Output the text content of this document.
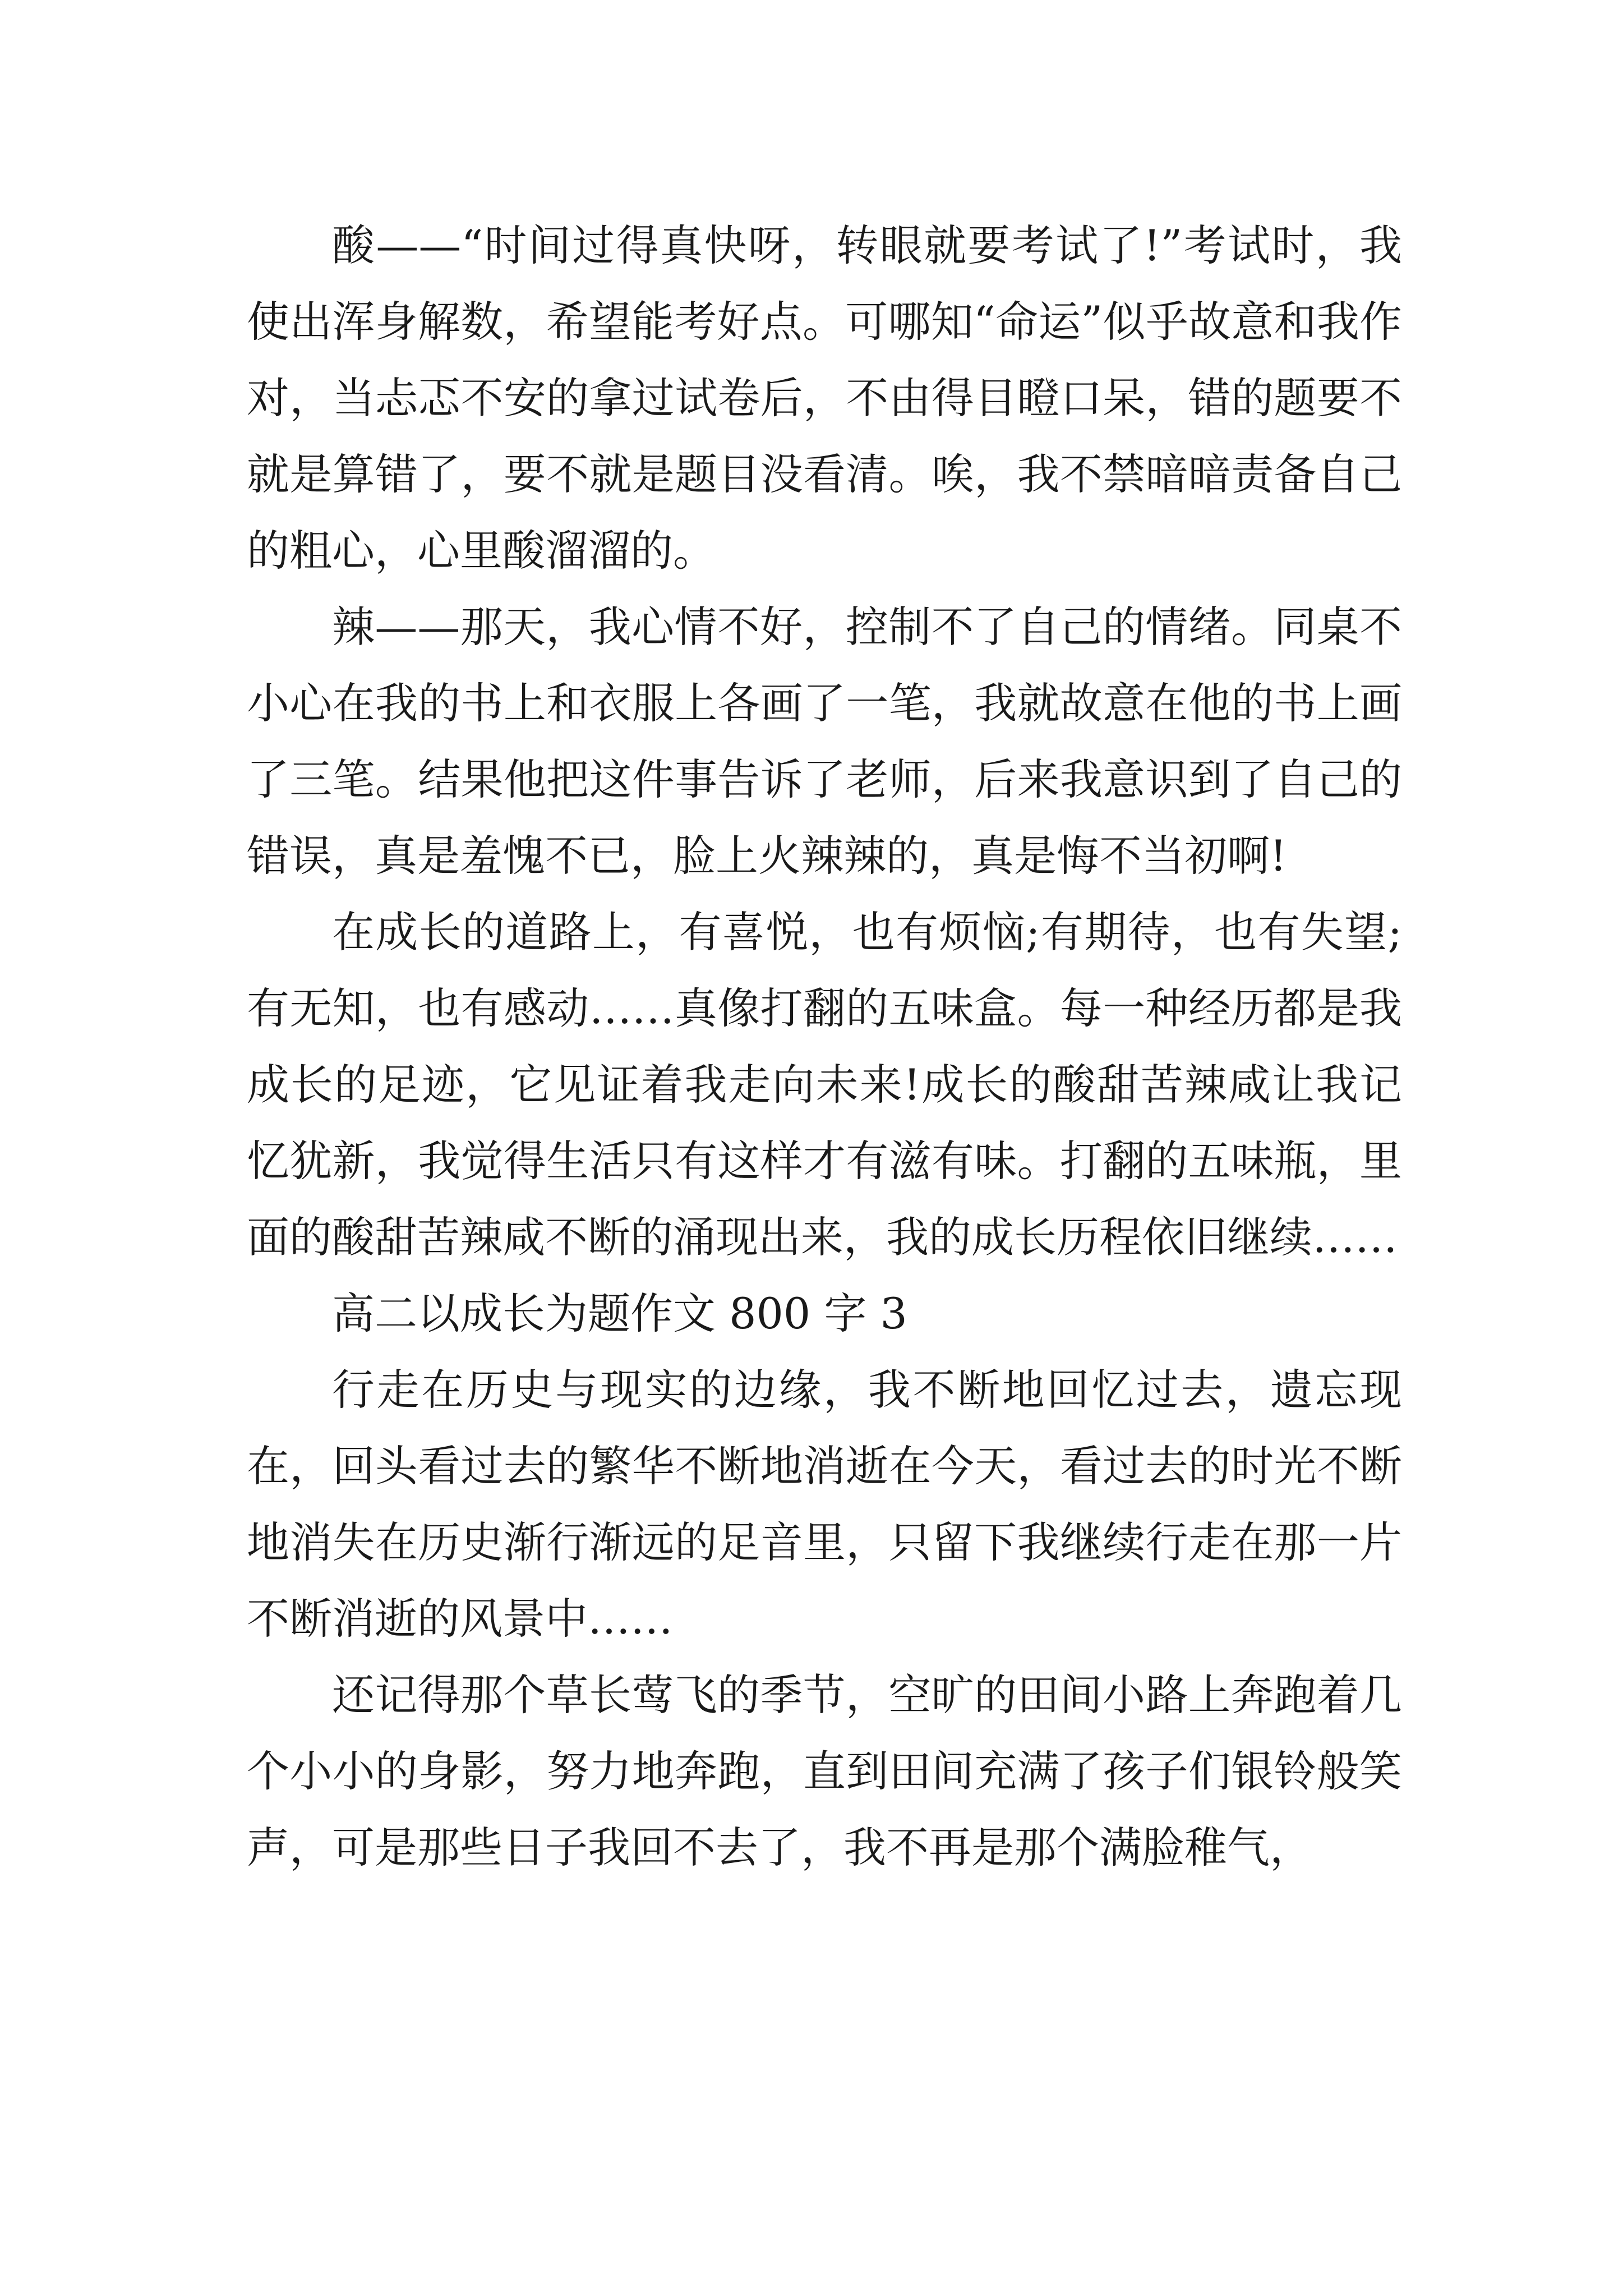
酸——“时间过得真快呀，转眼就要考试了!”考试时，我使出浑身解数，希望能考好点。可哪知“命运”似乎故意和我作对，当忐忑不安的拿过试卷后，不由得目瞪口呆，错的题要不就是算错了，要不就是题目没看清。唉，我不禁暗暗责备自己的粗心，心里酸溜溜的。

辣——那天，我心情不好，控制不了自己的情绪。同桌不小心在我的书上和衣服上各画了一笔，我就故意在他的书上画了三笔。结果他把这件事告诉了老师，后来我意识到了自己的错误，真是羞愧不已，脸上火辣辣的，真是悔不当初啊!

在成长的道路上，有喜悦，也有烦恼;有期待，也有失望;有无知，也有感动……真像打翻的五味盒。每一种经历都是我成长的足迹，它见证着我走向未来!成长的酸甜苦辣咸让我记忆犹新，我觉得生活只有这样才有滋有味。打翻的五味瓶，里面的酸甜苦辣咸不断的涌现出来，我的成长历程依旧继续……

高二以成长为题作文 800 字 3

行走在历史与现实的边缘，我不断地回忆过去，遗忘现在，回头看过去的繁华不断地消逝在今天，看过去的时光不断地消失在历史渐行渐远的足音里，只留下我继续行走在那一片不断消逝的风景中……

还记得那个草长莺飞的季节，空旷的田间小路上奔跑着几个小小的身影，努力地奔跑，直到田间充满了孩子们银铃般笑声，可是那些日子我回不去了，我不再是那个满脸稚气，
